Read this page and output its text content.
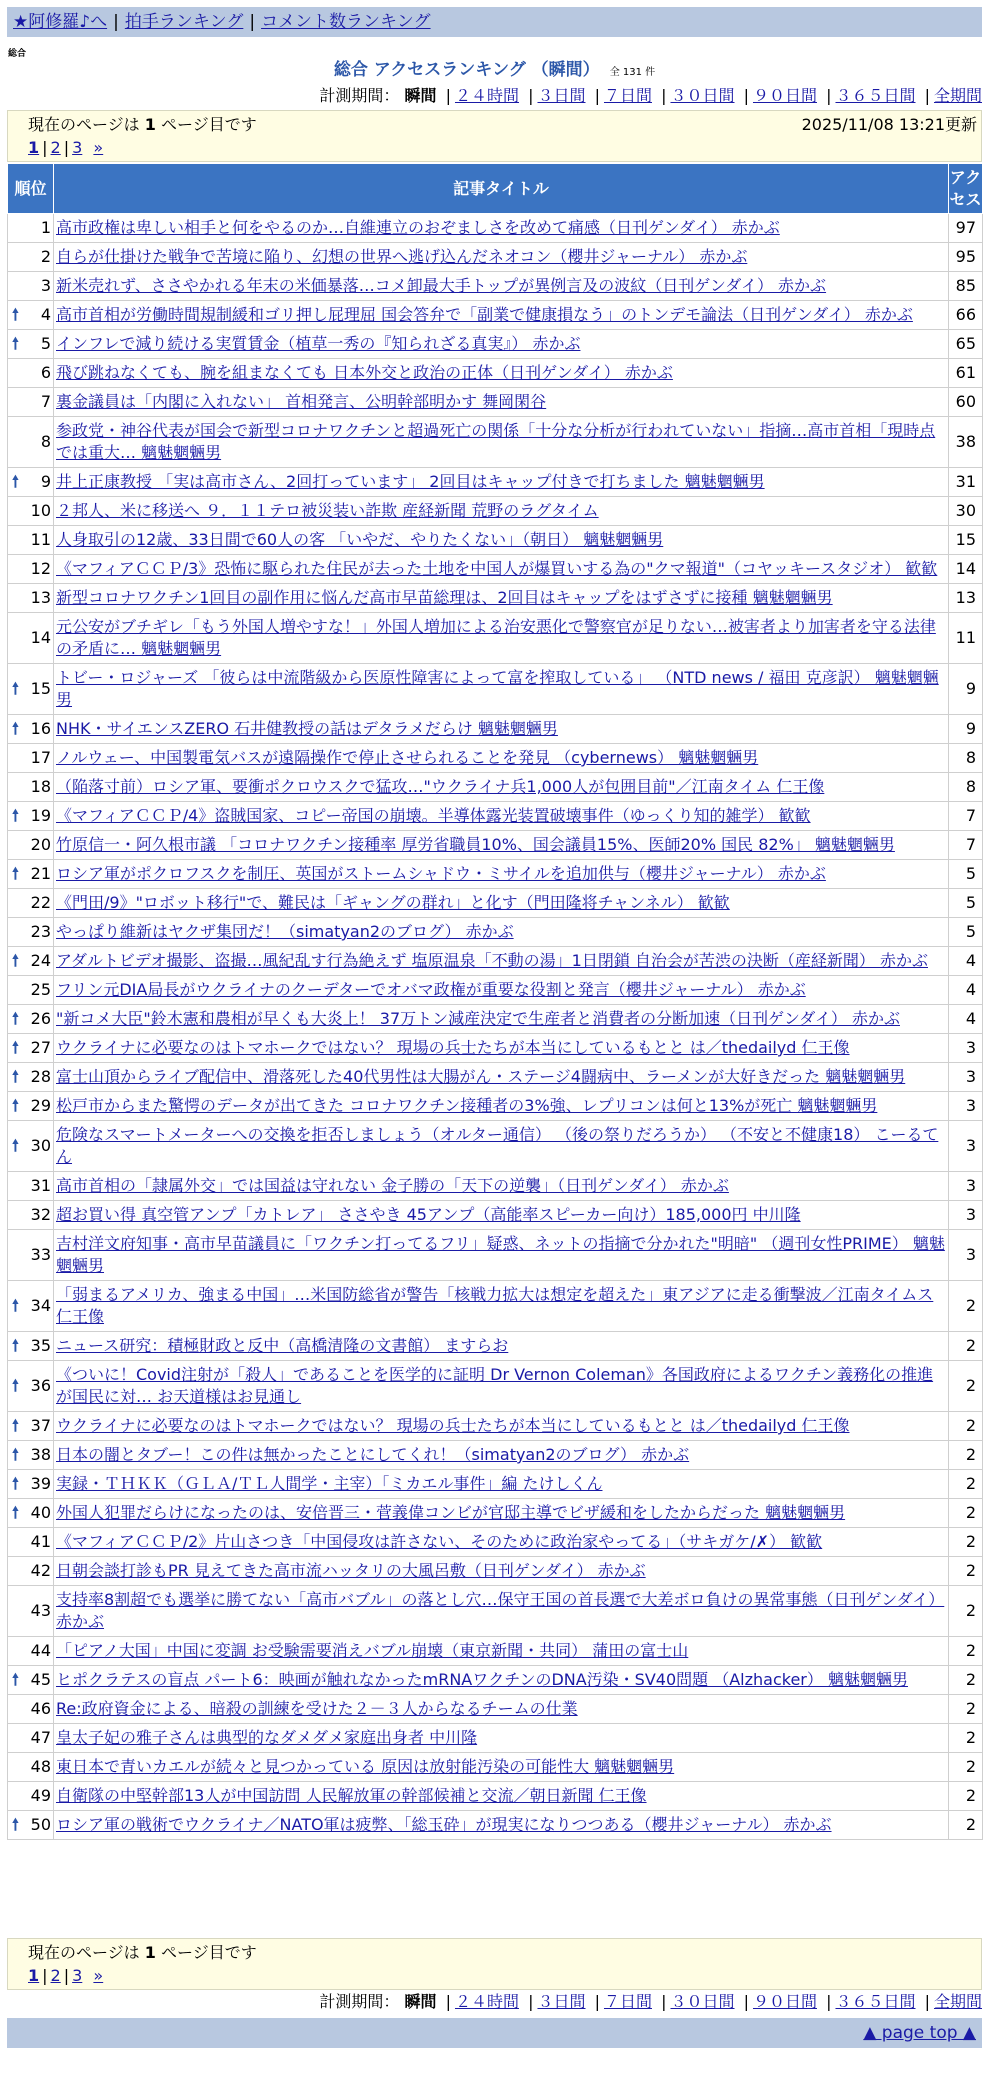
★阿修羅♪へ | 拍手ランキング | コメント数ランキング
総合
総合 アクセスランキング （瞬間） 全 131 件
計測期間： 瞬間 | ２４時間 | ３日間 | ７日間 | ３０日間 | ９０日間 | ３６５日間 | 全期間
現在のページは 1 ページ目です	2025/11/08 13:21更新
1 | 2 | 3 »
順位	記事タイトル	アクセス
1	高市政権は卑しい相手と何をやるのか…自維連立のおぞましさを改めて痛感（日刊ゲンダイ） 赤かぶ	97
2	自らが仕掛けた戦争で苦境に陥り、幻想の世界へ逃げ込んだネオコン（櫻井ジャーナル） 赤かぶ	95
3	新米売れず、ささやかれる年末の米価暴落…コメ卸最大手トップが異例言及の波紋（日刊ゲンダイ） 赤かぶ	85

🠕 4	高市首相が労働時間規制緩和ゴリ押し屁理屈 国会答弁で「副業で健康損なう」のトンデモ論法（日刊ゲンダイ） 赤かぶ	66

🠕 5	インフレで減り続ける実質賃金（植草一秀の『知られざる真実』） 赤かぶ	65
6	飛び跳ねなくても、腕を組まなくても 日本外交と政治の正体（日刊ゲンダイ） 赤かぶ	61
7	裏金議員は「内閣に入れない」 首相発言、公明幹部明かす 舞岡閑谷	60
8	参政党・神谷代表が国会で新型コロナワクチンと超過死亡の関係「十分な分析が行われていない」指摘…高市首相「現時点では重大… 魑魅魍魎男	38

🠕 9	井上正康教授 「実は高市さん、2回打っています」 2回目はキャップ付きで打ちました 魑魅魍魎男	31
10	２邦人、米に移送へ ９．１１テロ被災装い詐欺 産経新聞 荒野のラグタイム	30
11	人身取引の12歳、33日間で60人の客 「いやだ、やりたくない」（朝日） 魑魅魍魎男	15
12	《マフィアＣＣＰ/3》恐怖に駆られた住民が去った土地を中国人が爆買いする為の"クマ報道"（コヤッキースタジオ） 歓歓	14
13	新型コロナワクチン1回目の副作用に悩んだ高市早苗総理は、2回目はキャップをはずさずに接種 魑魅魍魎男	13
14	元公安がブチギレ「もう外国人増やすな！」外国人増加による治安悪化で警察官が足りない…被害者より加害者を守る法律の矛盾に… 魑魅魍魎男	11

🠕 15	トビー・ロジャーズ 「彼らは中流階級から医原性障害によって富を搾取している」 （NTD news / 福田 克彦訳） 魑魅魍魎男	9

🠕 16	NHK・サイエンスZERO 石井健教授の話はデタラメだらけ 魑魅魍魎男	9
17	ノルウェー、中国製電気バスが遠隔操作で停止させられることを発見 （cybernews） 魑魅魍魎男	8
18	（陥落寸前）ロシア軍、要衝ポクロウスクで猛攻…"ウクライナ兵1,000人が包囲目前"／江南タイム 仁王像	8

🠕 19	《マフィアＣＣＰ/4》盗賊国家、コピー帝国の崩壊。半導体露光装置破壊事件（ゆっくり知的雑学） 歓歓	7
20	竹原信一・阿久根市議 「コロナワクチン接種率 厚労省職員10%、国会議員15%、医師20% 国民 82%」 魑魅魍魎男	7

🠕 21	ロシア軍がポクロフスクを制圧、英国がストームシャドウ・ミサイルを追加供与（櫻井ジャーナル） 赤かぶ	5
22	《門田/9》"ロボット移行"で、難民は「ギャングの群れ」と化す（門田隆将チャンネル） 歓歓	5
23	やっぱり維新はヤクザ集団だ！（simatyan2のブログ） 赤かぶ	5

🠕 24	アダルトビデオ撮影、盗撮…風紀乱す行為絶えず 塩原温泉「不動の湯」1日閉鎖 自治会が苦渋の決断（産経新聞） 赤かぶ	4
25	フリン元DIA局長がウクライナのクーデターでオバマ政権が重要な役割と発言（櫻井ジャーナル） 赤かぶ	4

🠕 26	"新コメ大臣"鈴木憲和農相が早くも大炎上！ 37万トン減産決定で生産者と消費者の分断加速（日刊ゲンダイ） 赤かぶ	4

🠕 27	ウクライナに必要なのはトマホークではない？ 現場の兵士たちが本当にしているもとと は／thedailyd 仁王像	3

🠕 28	富士山頂からライブ配信中、滑落死した40代男性は大腸がん・ステージ4闘病中、ラーメンが大好きだった 魑魅魍魎男	3

🠕 29	松戸市からまた驚愕のデータが出てきた コロナワクチン接種者の3%強、レプリコンは何と13%が死亡 魑魅魍魎男	3

🠕 30	危険なスマートメーターへの交換を拒否しましょう（オルター通信） （後の祭りだろうか） （不安と不健康18） こーるてん	3
31	高市首相の「隷属外交」では国益は守れない 金子勝の「天下の逆襲」（日刊ゲンダイ） 赤かぶ	3
32	超お買い得 真空管アンプ「カトレア」 ささやき 45アンプ（高能率スピーカー向け）185,000円 中川隆	3
33	吉村洋文府知事・高市早苗議員に「ワクチン打ってるフリ」疑惑、ネットの指摘で分かれた"明暗" （週刊女性PRIME） 魑魅魍魎男	3

🠕 34	「弱まるアメリカ、強まる中国」…米国防総省が警告「核戦力拡大は想定を超えた」東アジアに走る衝撃波／江南タイムス 仁王像	2

🠕 35	ニュース研究：積極財政と反中（高橋清隆の文書館） ますらお	2

🠕 36	《ついに！Covid注射が「殺人」であることを医学的に証明 Dr Vernon Coleman》各国政府によるワクチン義務化の推進が国民に対… お天道様はお見通し	2

🠕 37	ウクライナに必要なのはトマホークではない？ 現場の兵士たちが本当にしているもとと は／thedailyd 仁王像	2

🠕 38	日本の闇とタブー！この件は無かったことにしてくれ！（simatyan2のブログ） 赤かぶ	2

🠕 39	実録・ＴＨＫＫ（ＧＬＡ/ＴＬ人間学・主宰）「ミカエル事件」編 たけしくん	2

🠕 40	外国人犯罪だらけになったのは、安倍晋三・菅義偉コンビが官邸主導でビザ緩和をしたからだった 魑魅魍魎男	2
41	《マフィアＣＣＰ/2》片山さつき「中国侵攻は許さない、そのために政治家やってる」（サキガケ/✗） 歓歓	2
42	日朝会談打診もPR 見えてきた高市流ハッタリの大風呂敷（日刊ゲンダイ） 赤かぶ	2
43	支持率8割超でも選挙に勝てない「高市バブル」の落とし穴…保守王国の首長選で大差ボロ負けの異常事態（日刊ゲンダイ） 赤かぶ	2
44	「ピアノ大国」中国に変調 お受験需要消えバブル崩壊（東京新聞・共同） 蒲田の富士山	2

🠕 45	ヒポクラテスの盲点 パート6：映画が触れなかったmRNAワクチンのDNA汚染・SV40問題 （Alzhacker） 魑魅魍魎男	2
46	Re:政府資金による、暗殺の訓練を受けた２－３人からなるチームの仕業	2
47	皇太子妃の雅子さんは典型的なダメダメ家庭出身者 中川隆	2
48	東日本で青いカエルが続々と見つかっている 原因は放射能汚染の可能性大 魑魅魍魎男	2
49	自衛隊の中堅幹部13人が中国訪問 人民解放軍の幹部候補と交流／朝日新聞 仁王像	2

🠕 50	ロシア軍の戦術でウクライナ／NATO軍は疲弊、「総玉砕」が現実になりつつある（櫻井ジャーナル） 赤かぶ	2
現在のページは 1 ページ目です
1 | 2 | 3 »
計測期間： 瞬間 | ２４時間 | ３日間 | ７日間 | ３０日間 | ９０日間 | ３６５日間 | 全期間
▲ page top ▲
